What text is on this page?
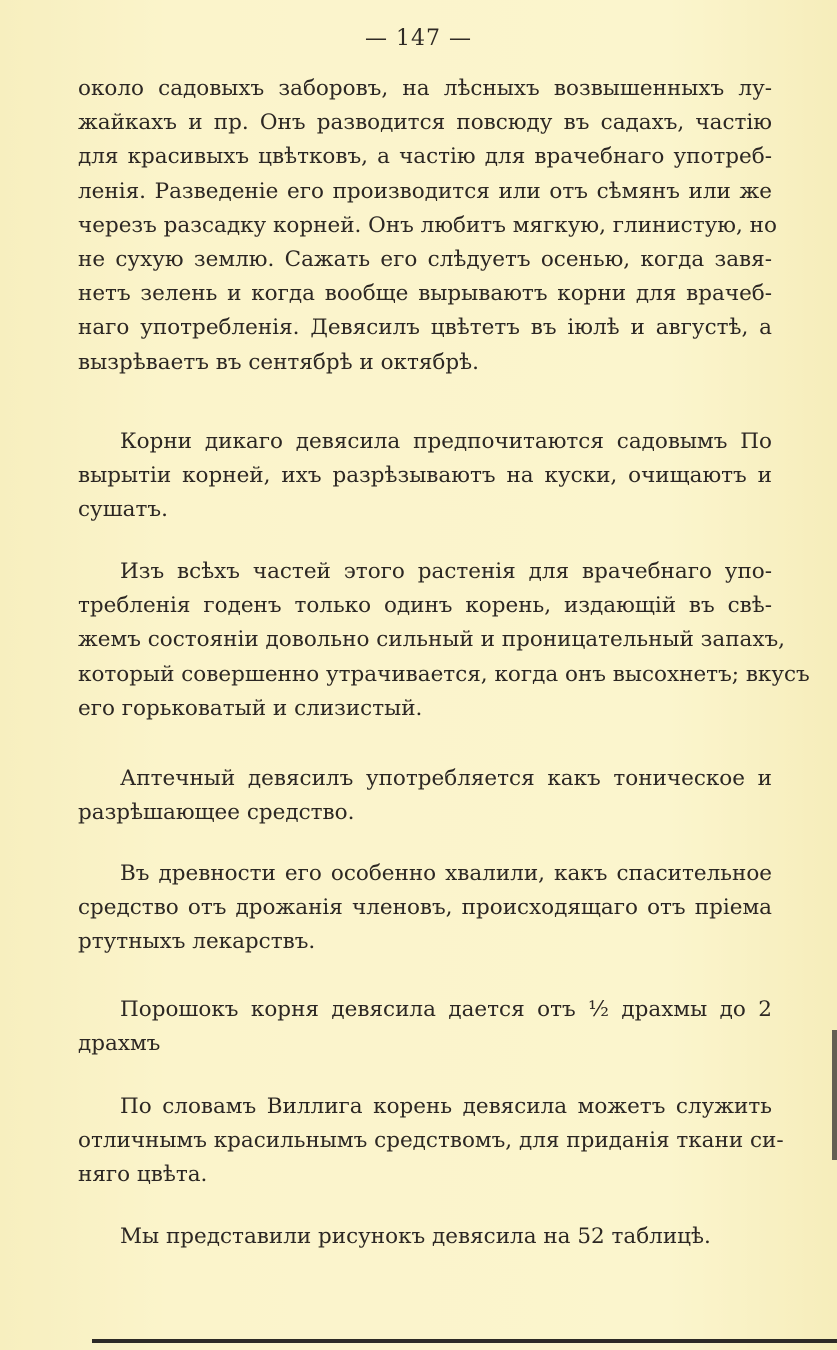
— 147 —
около садовыхъ заборовъ, на лѣсныхъ возвышенныхъ лу-
жайкахъ и пр. Онъ разводится повсюду въ садахъ, частію
для красивыхъ цвѣтковъ, а частію для врачебнаго употреб-
ленія. Разведеніе его производится или отъ сѣмянъ или же
черезъ разсадку корней. Онъ любитъ мягкую, глинистую, но
не сухую землю. Сажать его слѣдуетъ осенью, когда завя-
нетъ зелень и когда вообще вырываютъ корни для врачеб-
наго употребленія. Девясилъ цвѣтетъ въ іюлѣ и августѣ, а
вызрѣваетъ въ сентябрѣ и октябрѣ.
Корни дикаго девясила предпочитаются садовымъ По
вырытіи корней, ихъ разрѣзываютъ на куски, очищаютъ и
сушатъ.
Изъ всѣхъ частей этого растенія для врачебнаго упо-
требленія годенъ только одинъ корень, издающій въ свѣ-
жемъ состояніи довольно сильный и проницательный запахъ,
который совершенно утрачивается, когда онъ высохнетъ; вкусъ
его горьковатый и слизистый.
Аптечный девясилъ употребляется какъ тоническое и
разрѣшающее средство.
Въ древности его особенно хвалили, какъ спасительное
средство отъ дрожанія членовъ, происходящаго отъ пріема
ртутныхъ лекарствъ.
Порошокъ корня девясила дается отъ ½ драхмы до 2
драхмъ
По словамъ Виллига корень девясила можетъ служить
отличнымъ красильнымъ средствомъ, для приданія ткани си-
няго цвѣта.
Мы представили рисунокъ девясила на 52 таблицѣ.
